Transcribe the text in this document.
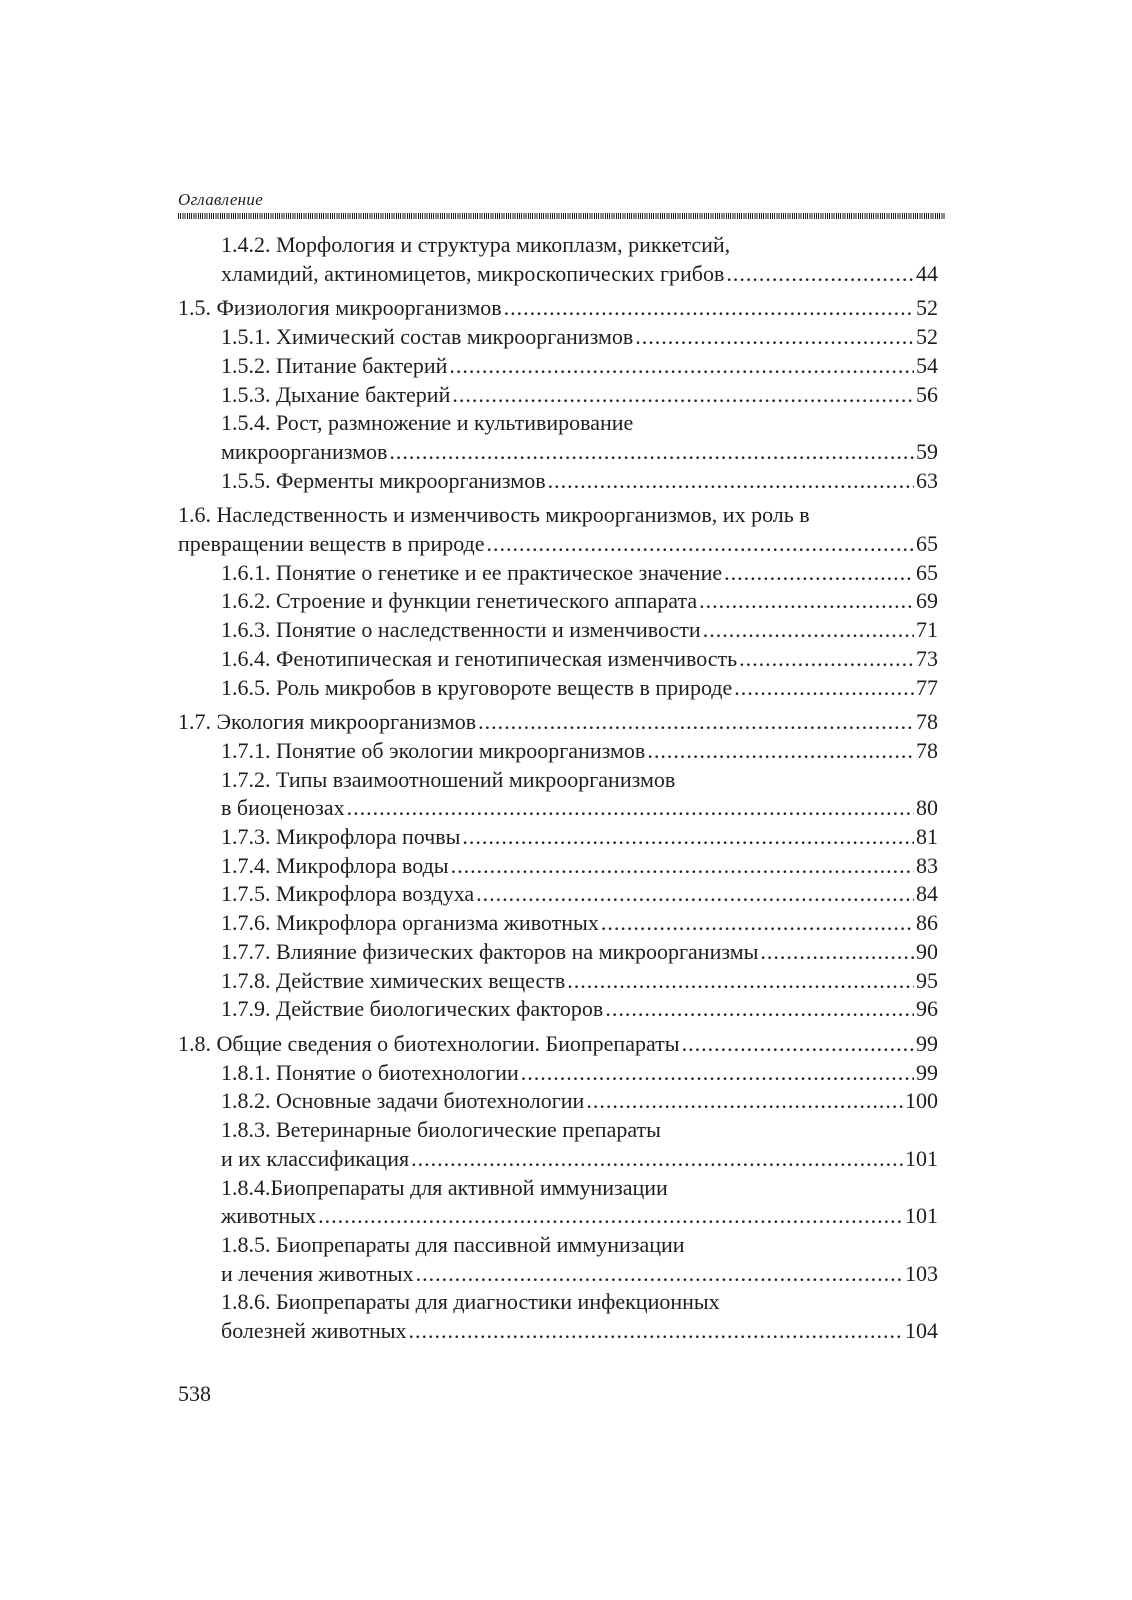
Оглавление
1.4.2. Морфология и структура микоплазм, риккетсий,
хламидий, актиномицетов, микроскопических грибов .....	44
1.5. Физиология микроорганизмов .....	52
1.5.1. Химический состав микроорганизмов .....	52
1.5.2. Питание бактерий .....	54
1.5.3. Дыхание бактерий .....	56
1.5.4. Рост, размножение и культивирование
микроорганизмов .....	59
1.5.5. Ферменты микроорганизмов .....	63
1.6. Наследственность и изменчивость микроорганизмов, их роль в
превращении веществ в природе .....	65
1.6.1. Понятие о генетике и ее практическое значение .....	65
1.6.2. Строение и функции генетического аппарата .....	69
1.6.3. Понятие о наследственности и изменчивости .....	71
1.6.4. Фенотипическая и генотипическая изменчивость .....	73
1.6.5. Роль микробов в круговороте веществ в природе .....	77
1.7. Экология микроорганизмов .....	78
1.7.1. Понятие об экологии микроорганизмов .....	78
1.7.2. Типы взаимоотношений микроорганизмов
в биоценозах .....	80
1.7.3. Микрофлора почвы .....	81
1.7.4. Микрофлора воды .....	83
1.7.5. Микрофлора воздуха .....	84
1.7.6. Микрофлора организма животных .....	86
1.7.7. Влияние физических факторов на микроорганизмы .....	90
1.7.8. Действие химических веществ .....	95
1.7.9. Действие биологических факторов .....	96
1.8. Общие сведения о биотехнологии. Биопрепараты .....	99
1.8.1. Понятие о биотехнологии .....	99
1.8.2. Основные задачи биотехнологии .....	100
1.8.3. Ветеринарные биологические препараты
и их классификация .....	101
1.8.4.Биопрепараты для активной иммунизации
животных .....	101
1.8.5. Биопрепараты для пассивной иммунизации
и лечения животных .....	103
1.8.6. Биопрепараты для диагностики инфекционных
болезней животных .....	104
538
